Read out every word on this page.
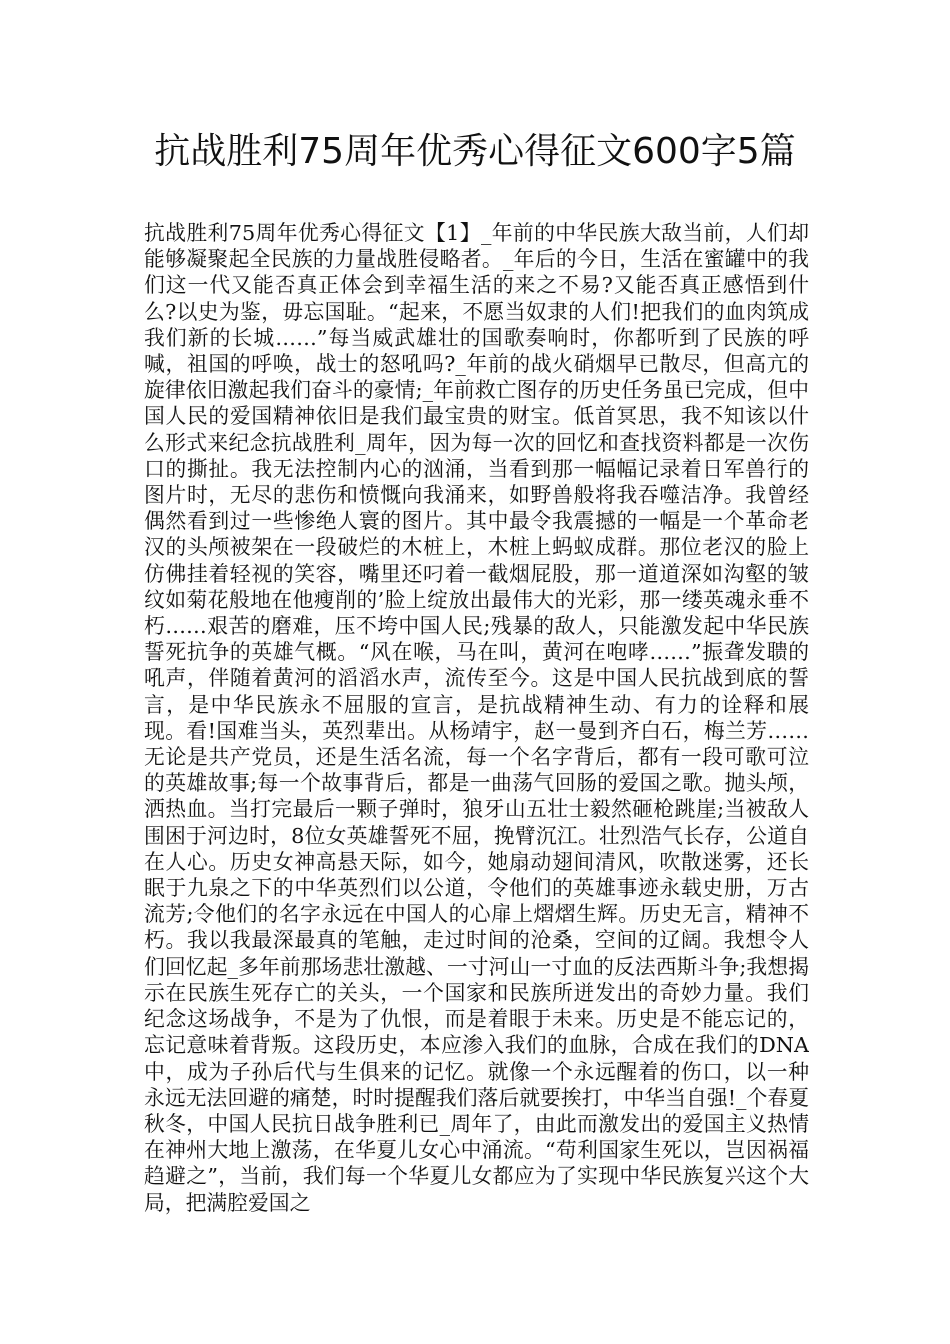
抗战胜利75周年优秀心得征文600字5篇

抗战胜利75周年优秀心得征文【1】_年前的中华民族大敌当前，人们却能够凝聚起全民族的力量战胜侵略者。_年后的今日，生活在蜜罐中的我们这一代又能否真正体会到幸福生活的来之不易?又能否真正感悟到什么?以史为鉴，毋忘国耻。“起来，不愿当奴隶的人们!把我们的血肉筑成我们新的长城……”每当威武雄壮的国歌奏响时，你都听到了民族的呼喊，祖国的呼唤，战士的怒吼吗?_年前的战火硝烟早已散尽，但高亢的旋律依旧激起我们奋斗的豪情;_年前救亡图存的历史任务虽已完成，但中国人民的爱国精神依旧是我们最宝贵的财宝。低首冥思，我不知该以什么形式来纪念抗战胜利_周年，因为每一次的回忆和查找资料都是一次伤口的撕扯。我无法控制内心的汹涌，当看到那一幅幅记录着日军兽行的图片时，无尽的悲伤和愤慨向我涌来，如野兽般将我吞噬洁净。我曾经偶然看到过一些惨绝人寰的图片。其中最令我震撼的一幅是一个革命老汉的头颅被架在一段破烂的木桩上，木桩上蚂蚁成群。那位老汉的脸上仿佛挂着轻视的笑容，嘴里还叼着一截烟屁股，那一道道深如沟壑的皱纹如菊花般地在他瘦削的’脸上绽放出最伟大的光彩，那一缕英魂永垂不朽……艰苦的磨难，压不垮中国人民;残暴的敌人，只能激发起中华民族誓死抗争的英雄气概。“风在喉，马在叫，黄河在咆哮……”振聋发聩的吼声，伴随着黄河的滔滔水声，流传至今。这是中国人民抗战到底的誓言，是中华民族永不屈服的宣言，是抗战精神生动、有力的诠释和展现。看!国难当头，英烈辈出。从杨靖宇，赵一曼到齐白石，梅兰芳……无论是共产党员，还是生活名流，每一个名字背后，都有一段可歌可泣的英雄故事;每一个故事背后，都是一曲荡气回肠的爱国之歌。抛头颅，洒热血。当打完最后一颗子弹时，狼牙山五壮士毅然砸枪跳崖;当被敌人围困于河边时，8位女英雄誓死不屈，挽臂沉江。壮烈浩气长存，公道自在人心。历史女神高悬天际，如今，她扇动翅间清风，吹散迷雾，还长眠于九泉之下的中华英烈们以公道，令他们的英雄事迹永载史册，万古流芳;令他们的名字永远在中国人的心扉上熠熠生辉。历史无言，精神不朽。我以我最深最真的笔触，走过时间的沧桑，空间的辽阔。我想令人们回忆起_多年前那场悲壮激越、一寸河山一寸血的反法西斯斗争;我想揭示在民族生死存亡的关头，一个国家和民族所迸发出的奇妙力量。我们纪念这场战争，不是为了仇恨，而是着眼于未来。历史是不能忘记的，忘记意味着背叛。这段历史，本应渗入我们的血脉，合成在我们的DNA中，成为子孙后代与生俱来的记忆。就像一个永远醒着的伤口，以一种永远无法回避的痛楚，时时提醒我们落后就要挨打，中华当自强!_个春夏秋冬，中国人民抗日战争胜利已_周年了，由此而激发出的爱国主义热情在神州大地上激荡，在华夏儿女心中涌流。“苟利国家生死以，岂因祸福趋避之”，当前，我们每一个华夏儿女都应为了实现中华民族复兴这个大局，把满腔爱国之
